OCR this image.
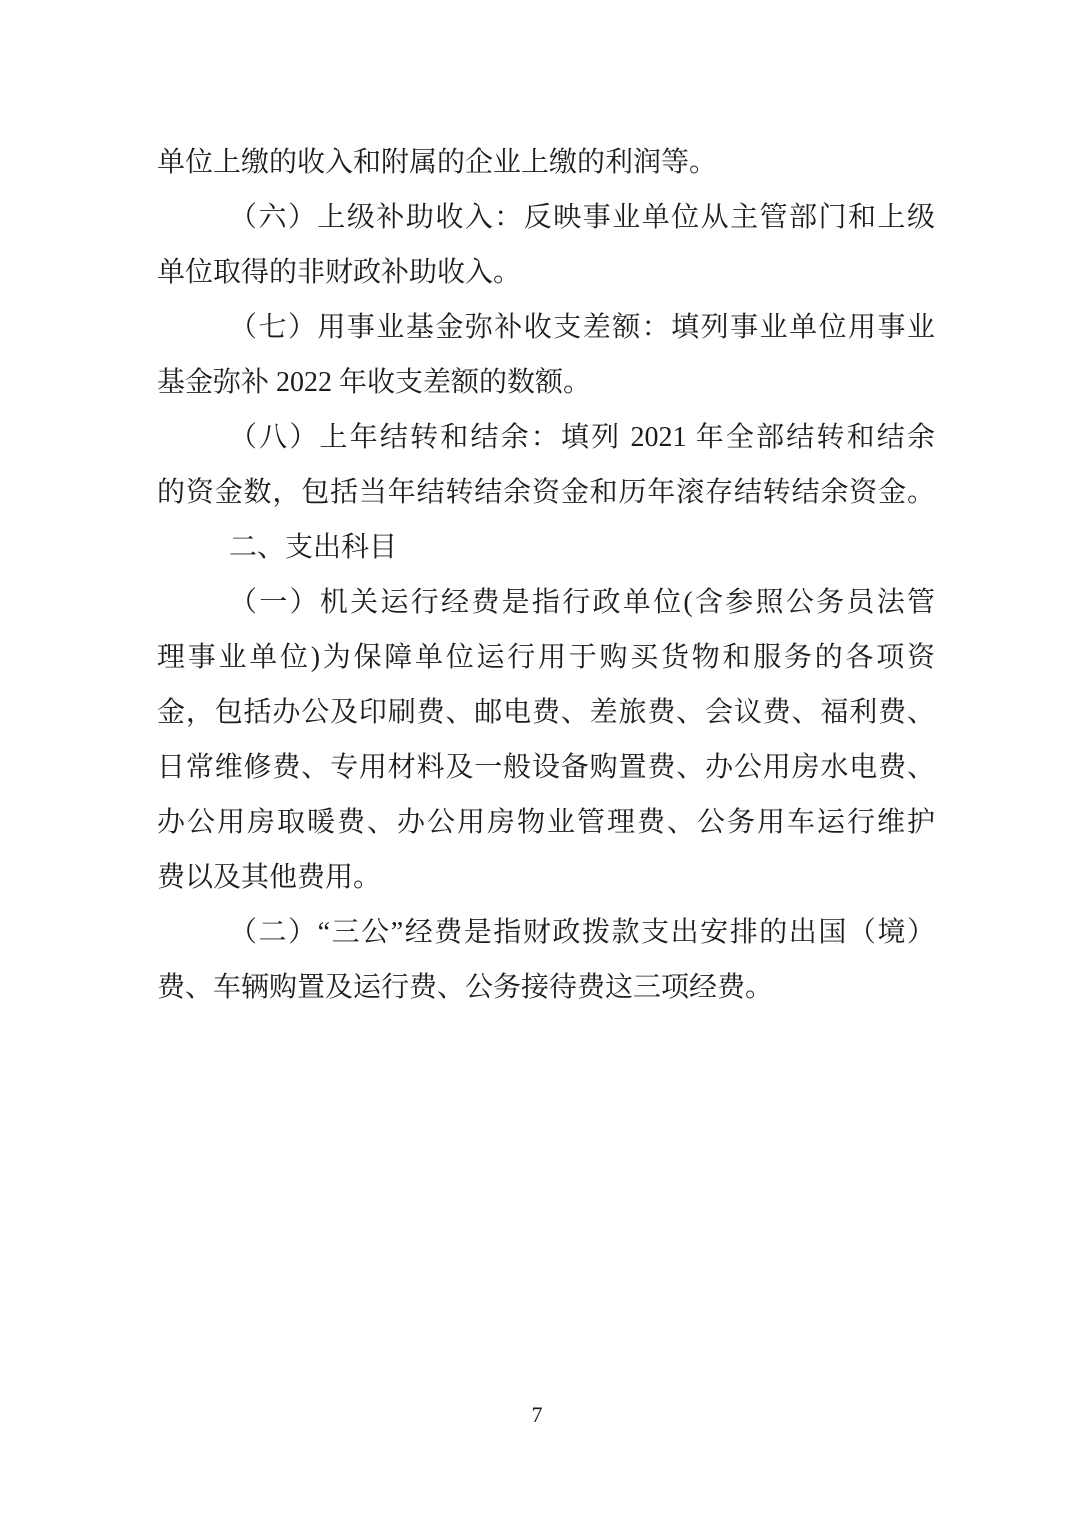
单位上缴的收入和附属的企业上缴的利润等。
（六）上级补助收入：反映事业单位从主管部门和上级
单位取得的非财政补助收入。
（七）用事业基金弥补收支差额：填列事业单位用事业
基金弥补 2022 年收支差额的数额。
（八）上年结转和结余：填列 2021 年全部结转和结余
的资金数，包括当年结转结余资金和历年滚存结转结余资金。
二、支出科目
（一）机关运行经费是指行政单位(含参照公务员法管
理事业单位)为保障单位运行用于购买货物和服务的各项资
金，包括办公及印刷费、邮电费、差旅费、会议费、福利费、
日常维修费、专用材料及一般设备购置费、办公用房水电费、
办公用房取暖费、办公用房物业管理费、公务用车运行维护
费以及其他费用。
（二）“三公”经费是指财政拨款支出安排的出国（境）
费、车辆购置及运行费、公务接待费这三项经费。
7
